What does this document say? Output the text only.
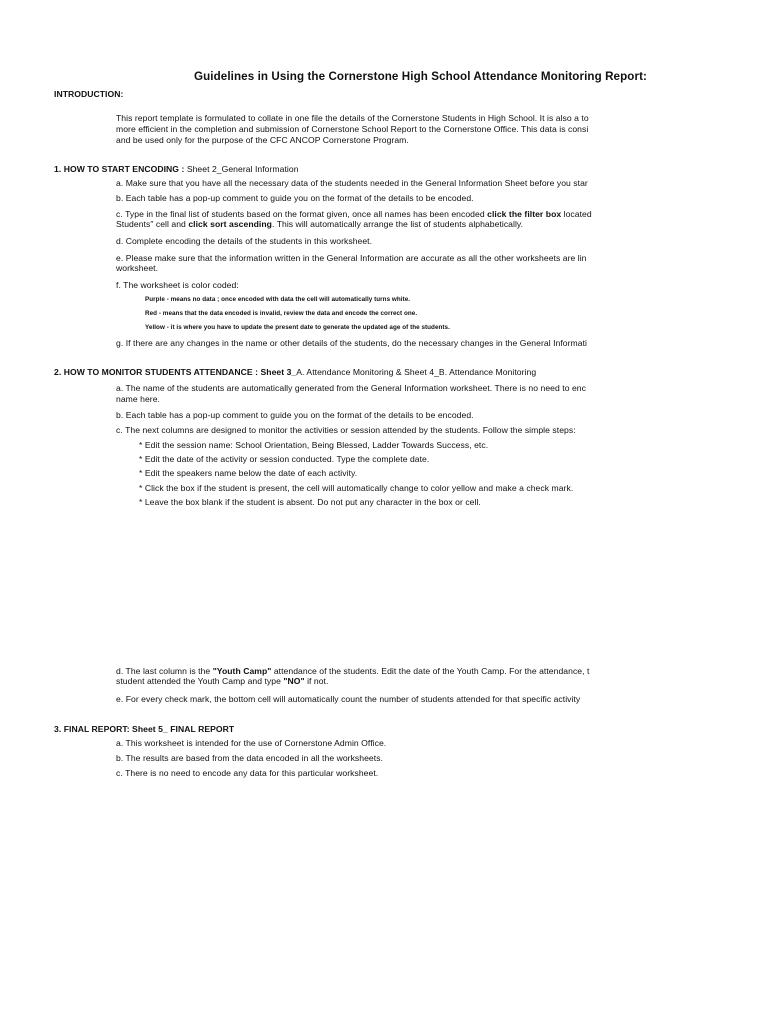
Guidelines in Using the Cornerstone High School Attendance Monitoring Report:
INTRODUCTION:
This report template is formulated to collate in one file the details of the Cornerstone Students in High School. It is also a to
more efficient in the completion and submission of Cornerstone School Report to the Cornerstone Office. This data is consi
and be used only for the purpose of the CFC ANCOP Cornerstone Program.
1. HOW TO START ENCODING : Sheet 2_General Information
a. Make sure that you have all the necessary data of the students needed in the General Information Sheet before you star
b. Each table has a pop-up comment to guide you on the format of the details to be encoded.
c. Type in the final list of students based on the format given, once all names has been encoded click the filter box located
Students" cell and click sort ascending. This will automatically arrange the list of students alphabetically.
d. Complete encoding the details of the students in this worksheet.
e. Please make sure that the information written in the General Information are accurate as all the other worksheets are lin
worksheet.
f. The worksheet is color coded:
Purple - means no data ; once encoded with data the cell will automatically turns white.
Red - means that the data encoded is invalid, review the data and encode the correct one.
Yellow - it is where you have to update the present date to generate the updated age of the students.
g. If there are any changes in the name or other details of the students, do the necessary changes in the General Informati
2. HOW TO MONITOR STUDENTS ATTENDANCE : Sheet 3_A. Attendance Monitoring & Sheet 4_B. Attendance Monitoring
a. The name of the students are automatically generated from the General Information worksheet. There is no need to enc
name here.
b. Each table has a pop-up comment to guide you on the format of the details to be encoded.
c. The next columns are designed to monitor the activities or session attended by the students. Follow the simple steps:
* Edit the session name: School Orientation, Being Blessed, Ladder Towards Success, etc.
* Edit the date of the activity or session conducted. Type the complete date.
* Edit the speakers name below the date of each activity.
* Click the box if the student is present, the cell will automatically change to color yellow and make a check mark.
* Leave the box blank if the student is absent. Do not put any character in the box or cell.
d. The last column is the "Youth Camp" attendance of the students. Edit the date of the Youth Camp. For the attendance, t
student attended the Youth Camp and type "NO" if not.
e. For every check mark, the bottom cell will automatically count the number of students attended for that specific activity
3. FINAL REPORT: Sheet 5_ FINAL REPORT
a. This worksheet is intended for the use of Cornerstone Admin Office.
b. The results are based from the data encoded in all the worksheets.
c. There is no need to encode any data for this particular worksheet.
